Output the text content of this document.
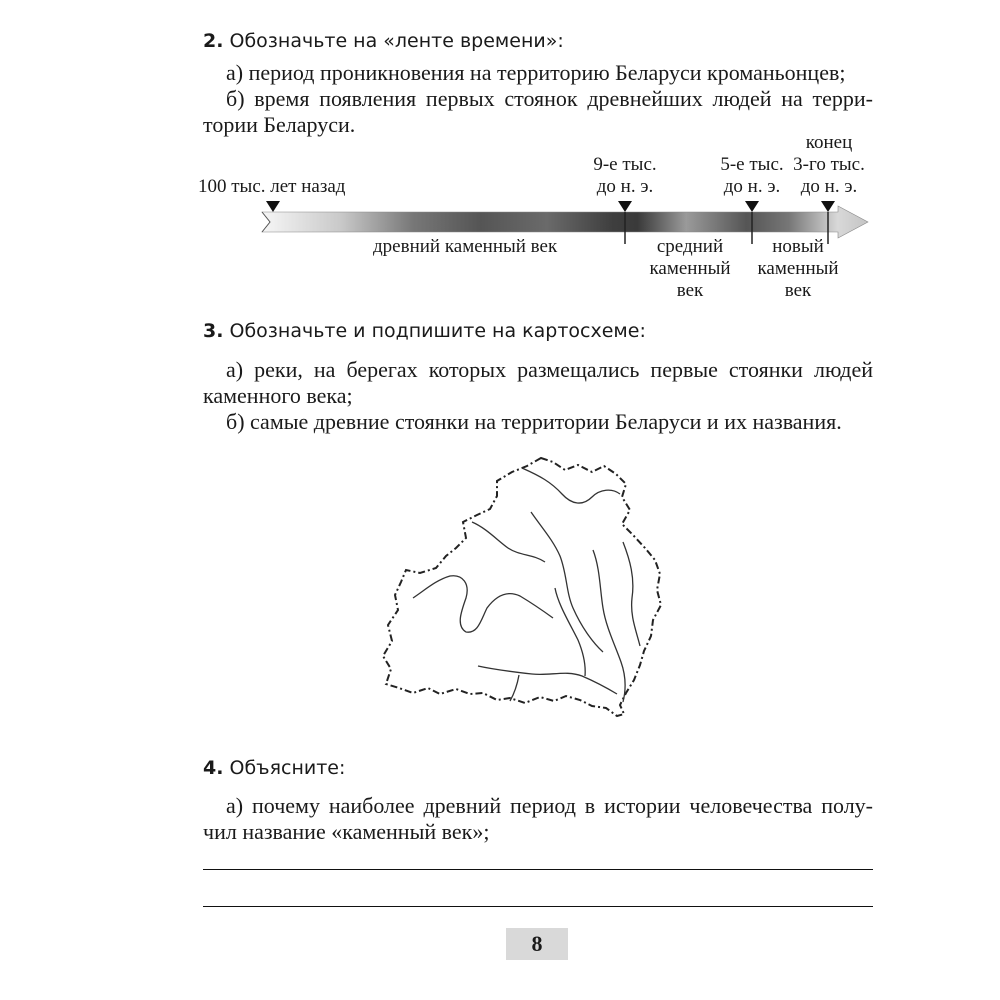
2. Обозначьте на «ленте времени»:
а) период проникновения на территорию Беларуси кроманьонцев;
б) время появления первых стоянок древнейших людей на терри-
тории Беларуси.
100 тыс. лет назад
9-е тыс.
до н. э.
5-е тыс.
до н. э.
конец
3-го тыс.
до н. э.
древний каменный век	средний
каменный
век
новый
каменный
век
3. Обозначьте и подпишите на картосхеме:
а) реки, на берегах которых размещались первые стоянки людей
каменного века;
б) самые древние стоянки на территории Беларуси и их названия.
4. Объясните:
а) почему наиболее древний период в истории человечества полу-
чил название «каменный век»;
8
